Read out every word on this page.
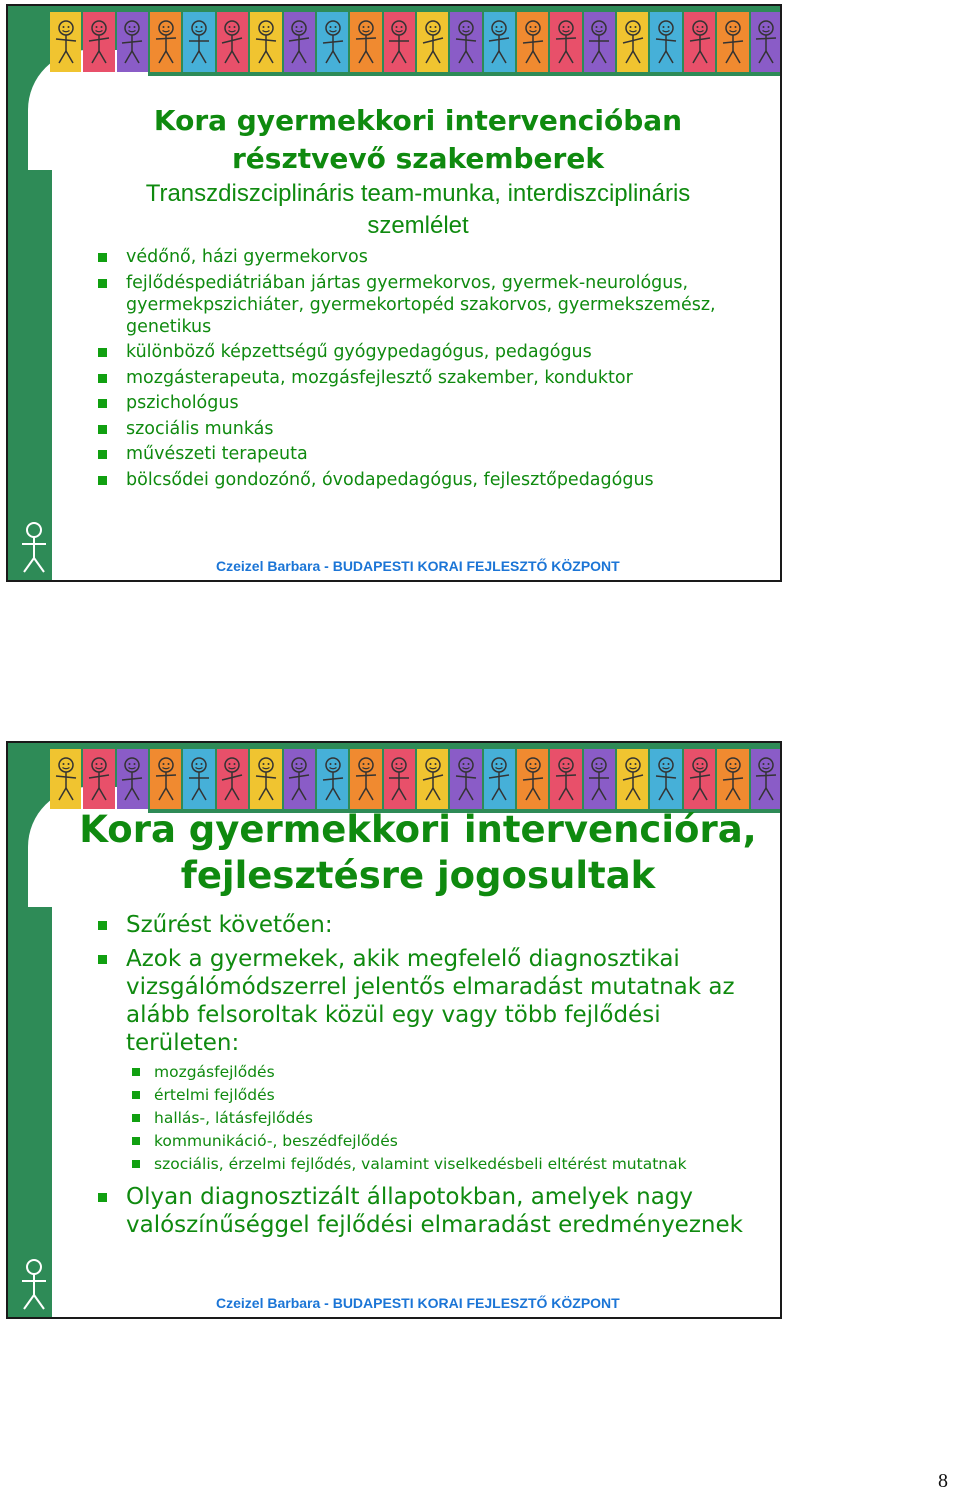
Kora gyermekkori intervencióban
résztvevő szakemberek

Transzdiszciplináris team-munka, interdiszciplináris
szemlélet

védőnő, házi gyermekorvos
fejlődéspediátriában jártas gyermekorvos, gyermek-neurológus, gyermekpszichiáter, gyermekortopéd szakorvos, gyermekszemész, genetikus
különböző képzettségű gyógypedagógus, pedagógus
mozgásterapeuta, mozgásfejlesztő szakember, konduktor
pszichológus
szociális munkás
művészeti terapeuta
bölcsődei gondozónő, óvodapedagógus, fejlesztőpedagógus
Budapesti
Korai
Fejlesztő
Központ	Czeizel Barbara - BUDAPESTI KORAI FEJLESZTŐ KÖZPONT
Kora gyermekkori intervencióra,
fejlesztésre jogosultak
Szűrést követően:
Azok a gyermekek, akik megfelelő diagnosztikai vizsgálómódszerrel jelentős elmaradást mutatnak az alább felsoroltak közül egy vagy több fejlődési területen:
mozgásfejlődés
értelmi fejlődés
hallás-, látásfejlődés
kommunikáció-, beszédfejlődés
szociális, érzelmi fejlődés, valamint viselkedésbeli eltérést mutatnak
Olyan diagnosztizált állapotokban, amelyek nagy valószínűséggel fejlődési elmaradást eredményeznek
Budapesti
Korai
Fejlesztő
Központ	Czeizel Barbara - BUDAPESTI KORAI FEJLESZTŐ KÖZPONT
8
